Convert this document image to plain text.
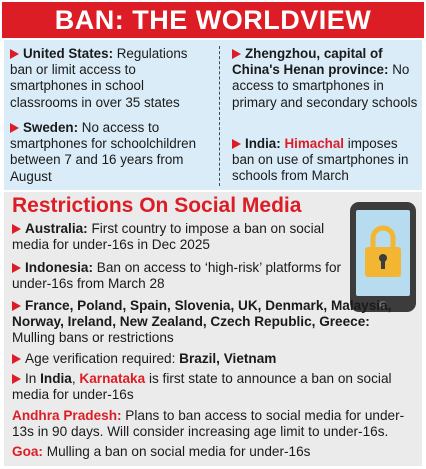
BAN: THE WORLDVIEW
United States: Regulations ban or limit access to smartphones in school classrooms in over 35 states
Sweden: No access to smartphones for schoolchildren between 7 and 16 years from August
Zhengzhou, capital of China's Henan province: No access to smartphones in primary and secondary schools
India: Himachal imposes ban on use of smartphones in schools from March
Restrictions On Social Media
Australia: First country to impose a ban on social media for under-16s in Dec 2025
Indonesia: Ban on access to ‘high-risk’ platforms for under-16s from March 28
France, Poland, Spain, Slovenia, UK, Denmark, Malaysia, Norway, Ireland, New Zealand, Czech Republic, Greece: Mulling bans or restrictions
Age verification required: Brazil, Vietnam
In India, Karnataka is first state to announce a ban on social media for under-16s
Andhra Pradesh: Plans to ban access to social media for under-13s in 90 days. Will consider increasing age limit to under-16s.
Goa: Mulling a ban on social media for under-16s
